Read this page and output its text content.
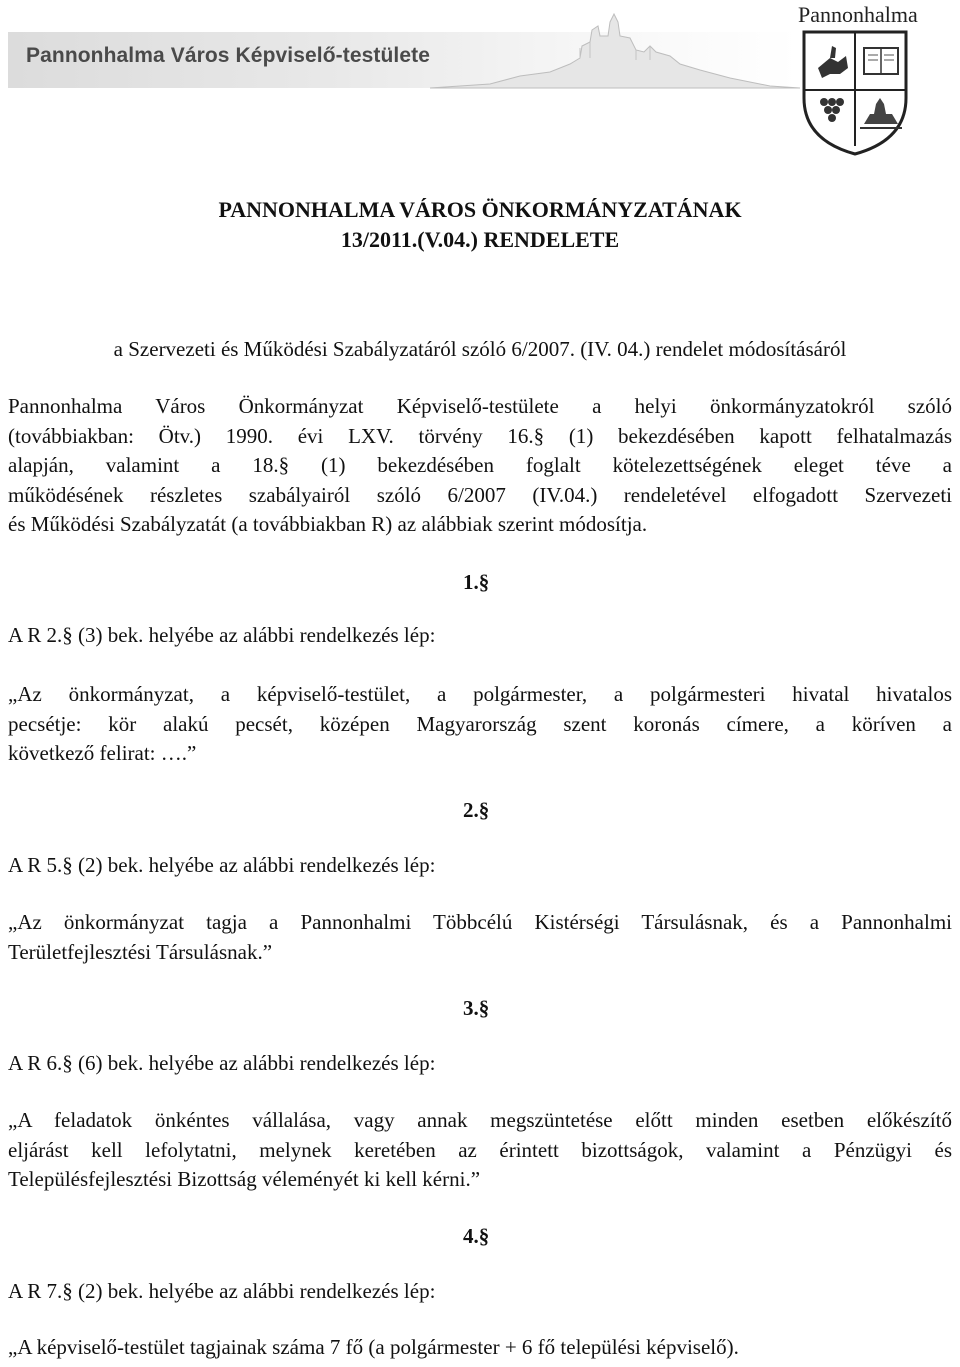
Pannonhalma Város Képviselő-testülete
Pannonhalma
PANNONHALMA VÁROS ÖNKORMÁNYZATÁNAK
13/2011.(V.04.) RENDELETE
a Szervezeti és Működési Szabályzatáról szóló 6/2007. (IV. 04.) rendelet módosításáról
Pannonhalma Város Önkormányzat Képviselő-testülete a helyi önkormányzatokról szóló
(továbbiakban: Ötv.) 1990. évi LXV. törvény 16.§ (1) bekezdésében kapott felhatalmazás
alapján, valamint a 18.§ (1) bekezdésében foglalt kötelezettségének eleget téve a
működésének részletes szabályairól szóló 6/2007 (IV.04.) rendeletével elfogadott Szervezeti
és Működési Szabályzatát (a továbbiakban R) az alábbiak szerint módosítja.
1.§
A R 2.§ (3) bek. helyébe az alábbi rendelkezés lép:
„Az önkormányzat, a képviselő-testület, a polgármester, a polgármesteri hivatal hivatalos
pecsétje: kör alakú pecsét, középen Magyarország szent koronás címere, a köríven a
következő felirat: ….”
2.§
A R 5.§ (2) bek. helyébe az alábbi rendelkezés lép:
„Az önkormányzat tagja a Pannonhalmi Többcélú Kistérségi Társulásnak, és a Pannonhalmi
Területfejlesztési Társulásnak.”
3.§
A R 6.§ (6) bek. helyébe az alábbi rendelkezés lép:
„A feladatok önkéntes vállalása, vagy annak megszüntetése előtt minden esetben előkészítő
eljárást kell lefolytatni, melynek keretében az érintett bizottságok, valamint a Pénzügyi és
Településfejlesztési Bizottság véleményét ki kell kérni.”
4.§
A R 7.§ (2) bek. helyébe az alábbi rendelkezés lép:
„A képviselő-testület tagjainak száma 7 fő (a polgármester + 6 fő települési képviselő).
